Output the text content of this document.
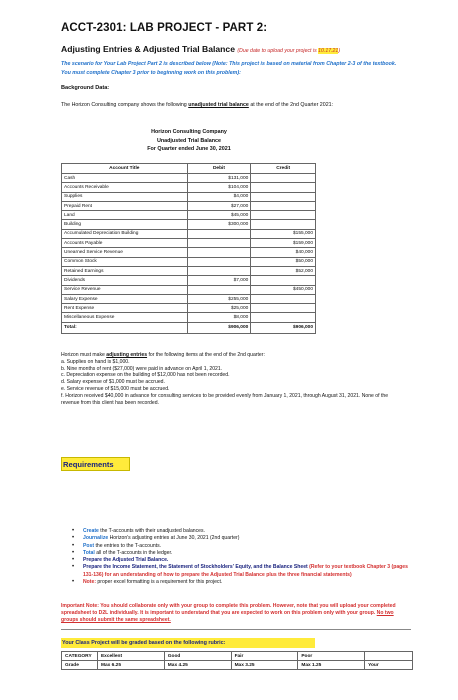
ACCT-2301: LAB PROJECT - PART 2:
Adjusting Entries & Adjusted Trial Balance (Due date to upload your project is 10.17.21)
The scenario for Your Lab Project Part 2 is described below (Note: This project is based on material from Chapter 2-3 of the textbook. You must complete Chapter 3 prior to beginning work on this problem):
Background Data:
The Horizon Consulting company shows the following unadjusted trial balance at the end of the 2nd Quarter 2021:
Horizon Consulting Company
Unadjusted Trial Balance
For Quarter ended June 30, 2021
Account Title	Debit	Credit
Cash	$131,000	
Accounts Receivable	$104,000	
Supplies	$4,000	
Prepaid Rent	$27,000	
Land	$45,000	
Building	$300,000	
Accumulated Depreciation Building		$155,000
Accounts Payable		$159,000
Unearned Service Revenue		$40,000
Common Stock		$50,000
Retained Earnings		$52,000
Dividends	$7,000	
Service Revenue		$450,000
Salary Expense	$255,000	
Rent Expense	$25,000	
Miscellaneous Expense	$8,000	
Total:	$906,000	$906,000
Horizon must make adjusting entries for the following items at the end of the 2nd quarter:
a. Supplies on hand is $1,000.
b. Nine months of rent ($27,000) were paid in advance on April 1, 2021.
c. Depreciation expense on the building of $12,000 has not been recorded.
d. Salary expense of $1,000 must be accrued.
e. Service revenue of $15,000 must be accrued.
f. Horizon received $40,000 in advance for consulting services to be provided evenly from January 1, 2021, through August 31, 2021. None of the revenue from this client has been recorded.
Requirements
• Create the T-accounts with their unadjusted balances.
• Journalize Horizon's adjusting entries at June 30, 2021 (2nd quarter)
• Post the entries to the T-accounts.
• Total all of the T-accounts in the ledger.
• Prepare the Adjusted Trial Balance.
• Prepare the Income Statement, the Statement of Stockholders' Equity, and the Balance Sheet (Refer to your textbook Chapter 3 (pages 131-136) for an understanding of how to prepare the Adjusted Trial Balance plus the three financial statements)
• Note: proper excel formatting is a requirement for this project.
Important Note: You should collaborate only with your group to complete this problem. However, note that you will upload your completed spreadsheet to D2L individually. It is important to understand that you are expected to work on this problem only with your group. No two groups should submit the same spreadsheet.
Your Class Project will be graded based on the following rubric:
CATEGORY	Excellent	Good	Fair	Poor	
Grade	Max 6.25	Max 4.25	Max 3.25	Max 1.25	Your
